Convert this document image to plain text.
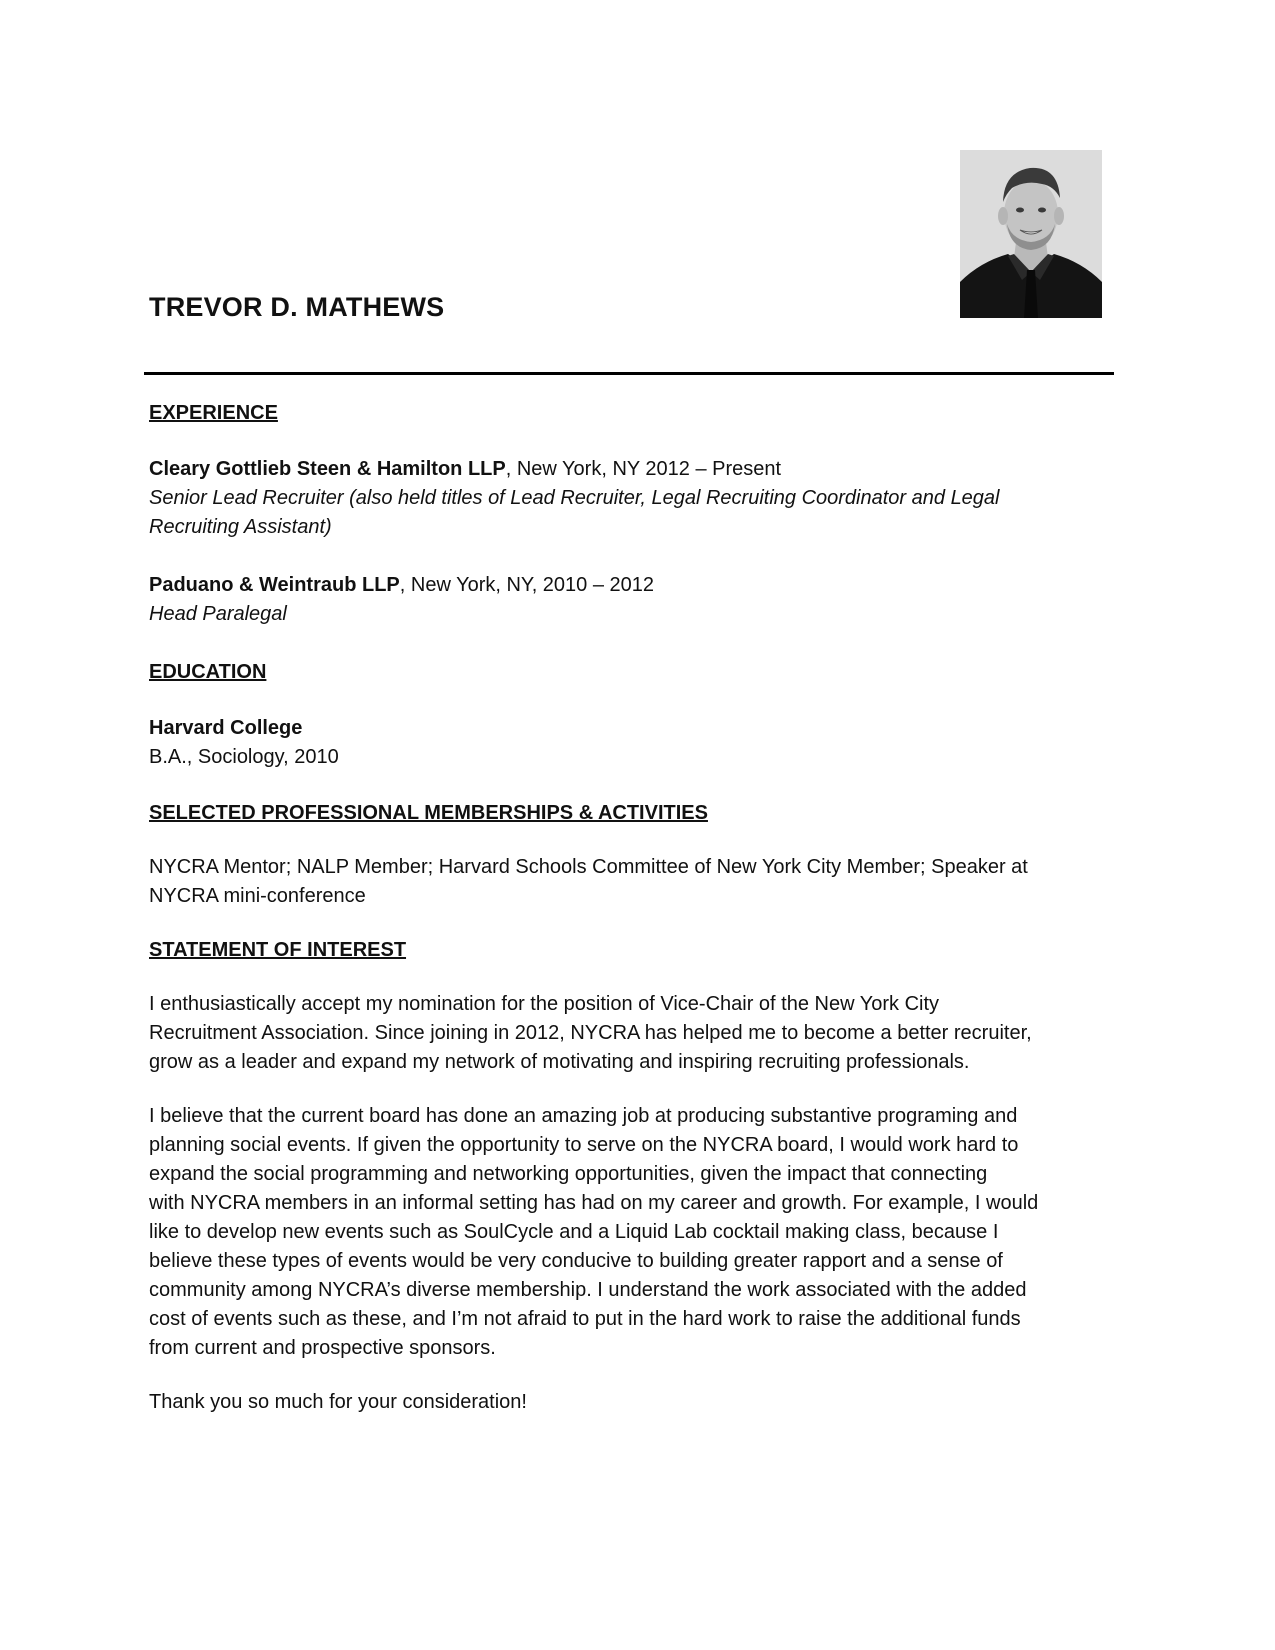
TREVOR D. MATHEWS

EXPERIENCE

Cleary Gottlieb Steen & Hamilton LLP, New York, NY 2012 – Present
Senior Lead Recruiter (also held titles of Lead Recruiter, Legal Recruiting Coordinator and Legal
Recruiting Assistant)
Paduano & Weintraub LLP, New York, NY, 2010 – 2012
Head Paralegal

EDUCATION

Harvard College
B.A., Sociology, 2010

SELECTED PROFESSIONAL MEMBERSHIPS & ACTIVITIES

NYCRA Mentor; NALP Member; Harvard Schools Committee of New York City Member; Speaker at
NYCRA mini-conference

STATEMENT OF INTEREST

I enthusiastically accept my nomination for the position of Vice-Chair of the New York City
Recruitment Association. Since joining in 2012, NYCRA has helped me to become a better recruiter,
grow as a leader and expand my network of motivating and inspiring recruiting professionals.
I believe that the current board has done an amazing job at producing substantive programing and
planning social events. If given the opportunity to serve on the NYCRA board, I would work hard to
expand the social programming and networking opportunities, given the impact that connecting
with NYCRA members in an informal setting has had on my career and growth. For example, I would
like to develop new events such as SoulCycle and a Liquid Lab cocktail making class, because I
believe these types of events would be very conducive to building greater rapport and a sense of
community among NYCRA’s diverse membership. I understand the work associated with the added
cost of events such as these, and I’m not afraid to put in the hard work to raise the additional funds
from current and prospective sponsors.
Thank you so much for your consideration!
